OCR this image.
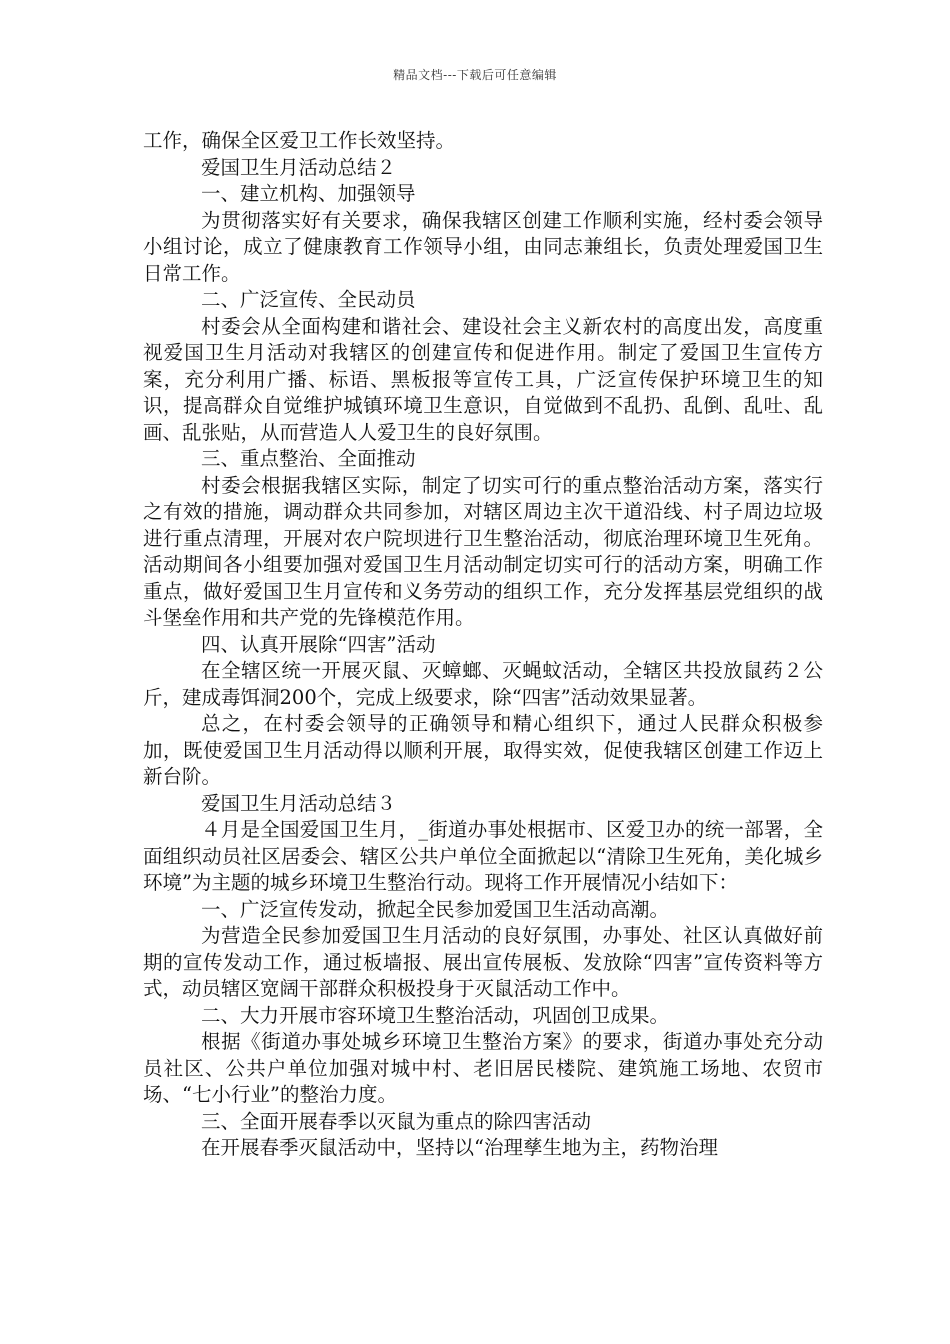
精品文档---下载后可任意编辑

工作，确保全区爱卫工作长效坚持。

爱国卫生月活动总结２

一、建立机构、加强领导

为贯彻落实好有关要求，确保我辖区创建工作顺利实施，经村委会领导小组讨论，成立了健康教育工作领导小组，由同志兼组长，负责处理爱国卫生日常工作。

二、广泛宣传、全民动员

村委会从全面构建和谐社会、建设社会主义新农村的高度出发，高度重视爱国卫生月活动对我辖区的创建宣传和促进作用。制定了爱国卫生宣传方案，充分利用广播、标语、黑板报等宣传工具，广泛宣传保护环境卫生的知识，提高群众自觉维护城镇环境卫生意识，自觉做到不乱扔、乱倒、乱吐、乱画、乱张贴，从而营造人人爱卫生的良好氛围。

三、重点整治、全面推动

村委会根据我辖区实际，制定了切实可行的重点整治活动方案，落实行之有效的措施，调动群众共同参加，对辖区周边主次干道沿线、村子周边垃圾进行重点清理，开展对农户院坝进行卫生整治活动，彻底治理环境卫生死角。活动期间各小组要加强对爱国卫生月活动制定切实可行的活动方案，明确工作重点，做好爱国卫生月宣传和义务劳动的组织工作，充分发挥基层党组织的战斗堡垒作用和共产党的先锋模范作用。

四、认真开展除“四害”活动

在全辖区统一开展灭鼠、灭蟑螂、灭蝇蚊活动，全辖区共投放鼠药２公斤，建成毒饵洞200个，完成上级要求，除“四害”活动效果显著。

总之，在村委会领导的正确领导和精心组织下，通过人民群众积极参加，既使爱国卫生月活动得以顺利开展，取得实效，促使我辖区创建工作迈上新台阶。

爱国卫生月活动总结３

４月是全国爱国卫生月，_街道办事处根据市、区爱卫办的统一部署，全面组织动员社区居委会、辖区公共户单位全面掀起以“清除卫生死角，美化城乡环境”为主题的城乡环境卫生整治行动。现将工作开展情况小结如下：

一、广泛宣传发动，掀起全民参加爱国卫生活动高潮。

为营造全民参加爱国卫生月活动的良好氛围，办事处、社区认真做好前期的宣传发动工作，通过板墙报、展出宣传展板、发放除“四害”宣传资料等方式，动员辖区宽阔干部群众积极投身于灭鼠活动工作中。

二、大力开展市容环境卫生整治活动，巩固创卫成果。

根据《街道办事处城乡环境卫生整治方案》的要求，街道办事处充分动员社区、公共户单位加强对城中村、老旧居民楼院、建筑施工场地、农贸市场、“七小行业”的整治力度。

三、全面开展春季以灭鼠为重点的除四害活动

在开展春季灭鼠活动中，坚持以“治理孳生地为主，药物治理
